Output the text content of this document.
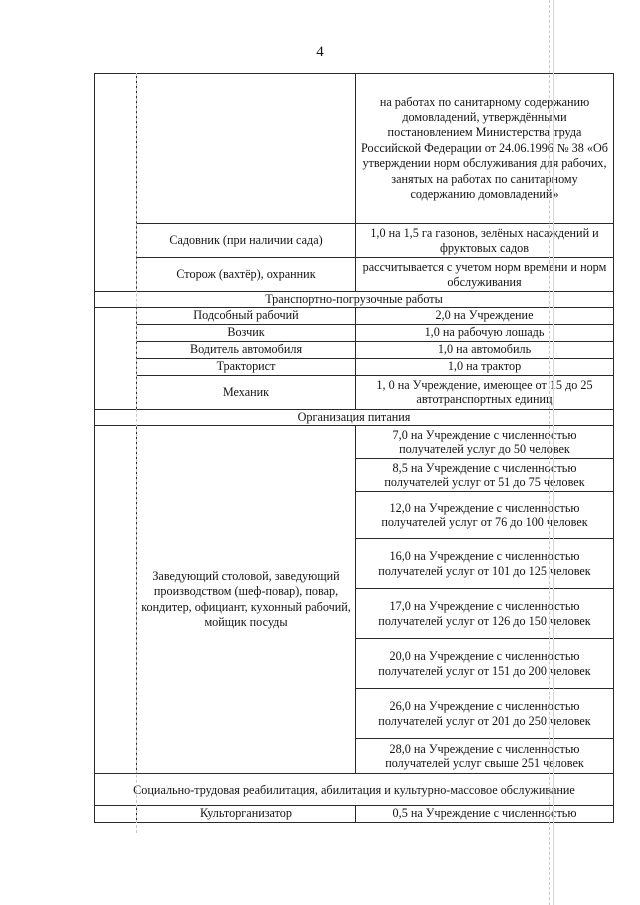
4
		на работах по санитарному содержанию домовладений, утверждёнными постановлением Министерства труда Российской Федерации от 24.06.1996 № 38 «Об утверждении норм обслуживания для рабочих, занятых на работах по санитарному содержанию домовладений»
	Садовник (при наличии сада)	1,0 на 1,5 га газонов, зелёных насаждений и фруктовых садов
	Сторож (вахтёр), охранник	рассчитывается с учетом норм времени и норм обслуживания
Транспортно-погрузочные работы		
	Подсобный рабочий	2,0 на Учреждение
	Возчик	1,0 на рабочую лошадь
	Водитель автомобиля	1,0 на автомобиль
	Тракторист	1,0 на трактор
	Механик	1, 0 на Учреждение, имеющее от 15 до 25 автотранспортных единиц
Организация питания		
	Заведующий столовой, заведующий производством (шеф-повар), повар, кондитер, официант, кухонный рабочий, мойщик посуды	7,0 на Учреждение с численностью получателей услуг до 50 человек
		8,5 на Учреждение с численностью получателей услуг от 51 до 75 человек
		12,0 на Учреждение с численностью получателей услуг от 76 до 100 человек
		16,0 на Учреждение с численностью получателей услуг от 101 до 125 человек
		17,0 на Учреждение с численностью получателей услуг от 126 до 150 человек
		20,0 на Учреждение с численностью получателей услуг от 151 до 200 человек
		26,0 на Учреждение с численностью получателей услуг от 201 до 250 человек
		28,0 на Учреждение с численностью получателей услуг свыше 251 человек
Социально-трудовая реабилитация, абилитация и культурно-массовое обслуживание		
	Культорганизатор	0,5 на Учреждение с численностью
